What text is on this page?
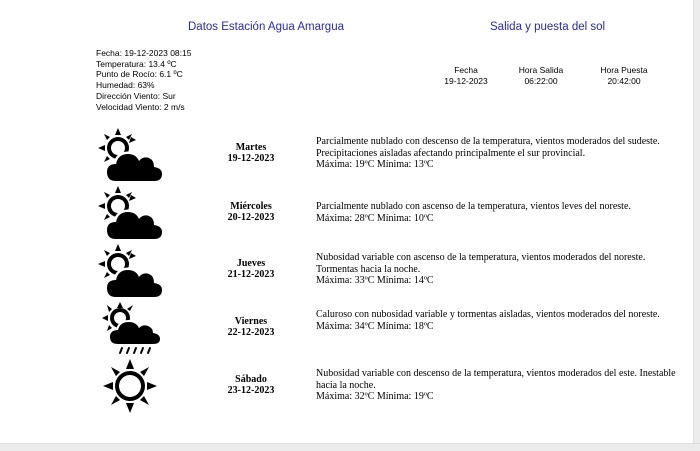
Datos Estación Agua Amargua	Salida y puesta del sol
Fecha: 19-12-2023 08:15
Temperatura: 13.4 ºC
Punto de Rocío: 6.1 ºC
Humedad: 63%
Dirección Viento: Sur
Velocidad Viento: 2 m/s
Fecha
19-12-2023
Hora Salida
06:22:00
Hora Puesta
20:42:00
Martes
19-12-2023
Parcialmente nublado con descenso de la temperatura, vientos moderados del sudeste. Precipitaciones aisladas afectando principalmente el sur provincial.
Máxima: 19ºC Mínima: 13ºC
Miércoles
20-12-2023
Parcialmente nublado con ascenso de la temperatura, vientos leves del noreste.
Máxima: 28ºC Mínima: 10ºC
Jueves
21-12-2023
Nubosidad variable con ascenso de la temperatura, vientos moderados del noreste. Tormentas hacia la noche.
Máxima: 33ºC Mínima: 14ºC
Viernes
22-12-2023
Caluroso con nubosidad variable y tormentas aisladas, vientos moderados del noreste.
Máxima: 34ºC Mínima: 18ºC
Sábado
23-12-2023
Nubosidad variable con descenso de la temperatura, vientos moderados del este. Inestable hacia la noche.
Máxima: 32ºC Mínima: 19ºC
